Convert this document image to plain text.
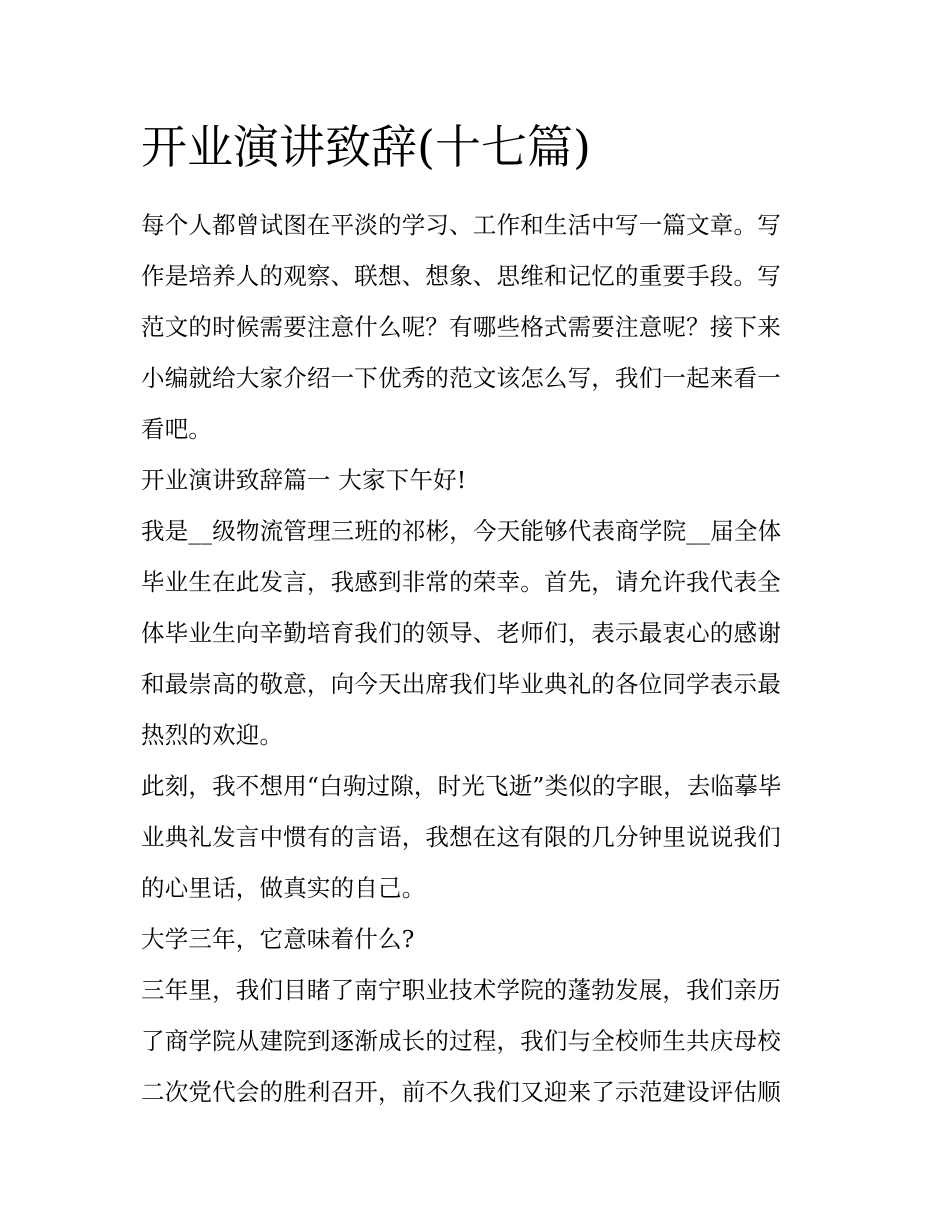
开业演讲致辞(十七篇)
每个人都曾试图在平淡的学习、工作和生活中写一篇文章。写
作是培养人的观察、联想、想象、思维和记忆的重要手段。写
范文的时候需要注意什么呢？有哪些格式需要注意呢？接下来
小编就给大家介绍一下优秀的范文该怎么写，我们一起来看一
看吧。
开业演讲致辞篇一 大家下午好!
我是__级物流管理三班的祁彬，今天能够代表商学院__届全体
毕业生在此发言，我感到非常的荣幸。首先，请允许我代表全
体毕业生向辛勤培育我们的领导、老师们，表示最衷心的感谢
和最崇高的敬意，向今天出席我们毕业典礼的各位同学表示最
热烈的欢迎。
此刻，我不想用“白驹过隙，时光飞逝”类似的字眼，去临摹毕
业典礼发言中惯有的言语，我想在这有限的几分钟里说说我们
的心里话，做真实的自己。
大学三年，它意味着什么?
三年里，我们目睹了南宁职业技术学院的蓬勃发展，我们亲历
了商学院从建院到逐渐成长的过程，我们与全校师生共庆母校
二次党代会的胜利召开，前不久我们又迎来了示范建设评估顺
